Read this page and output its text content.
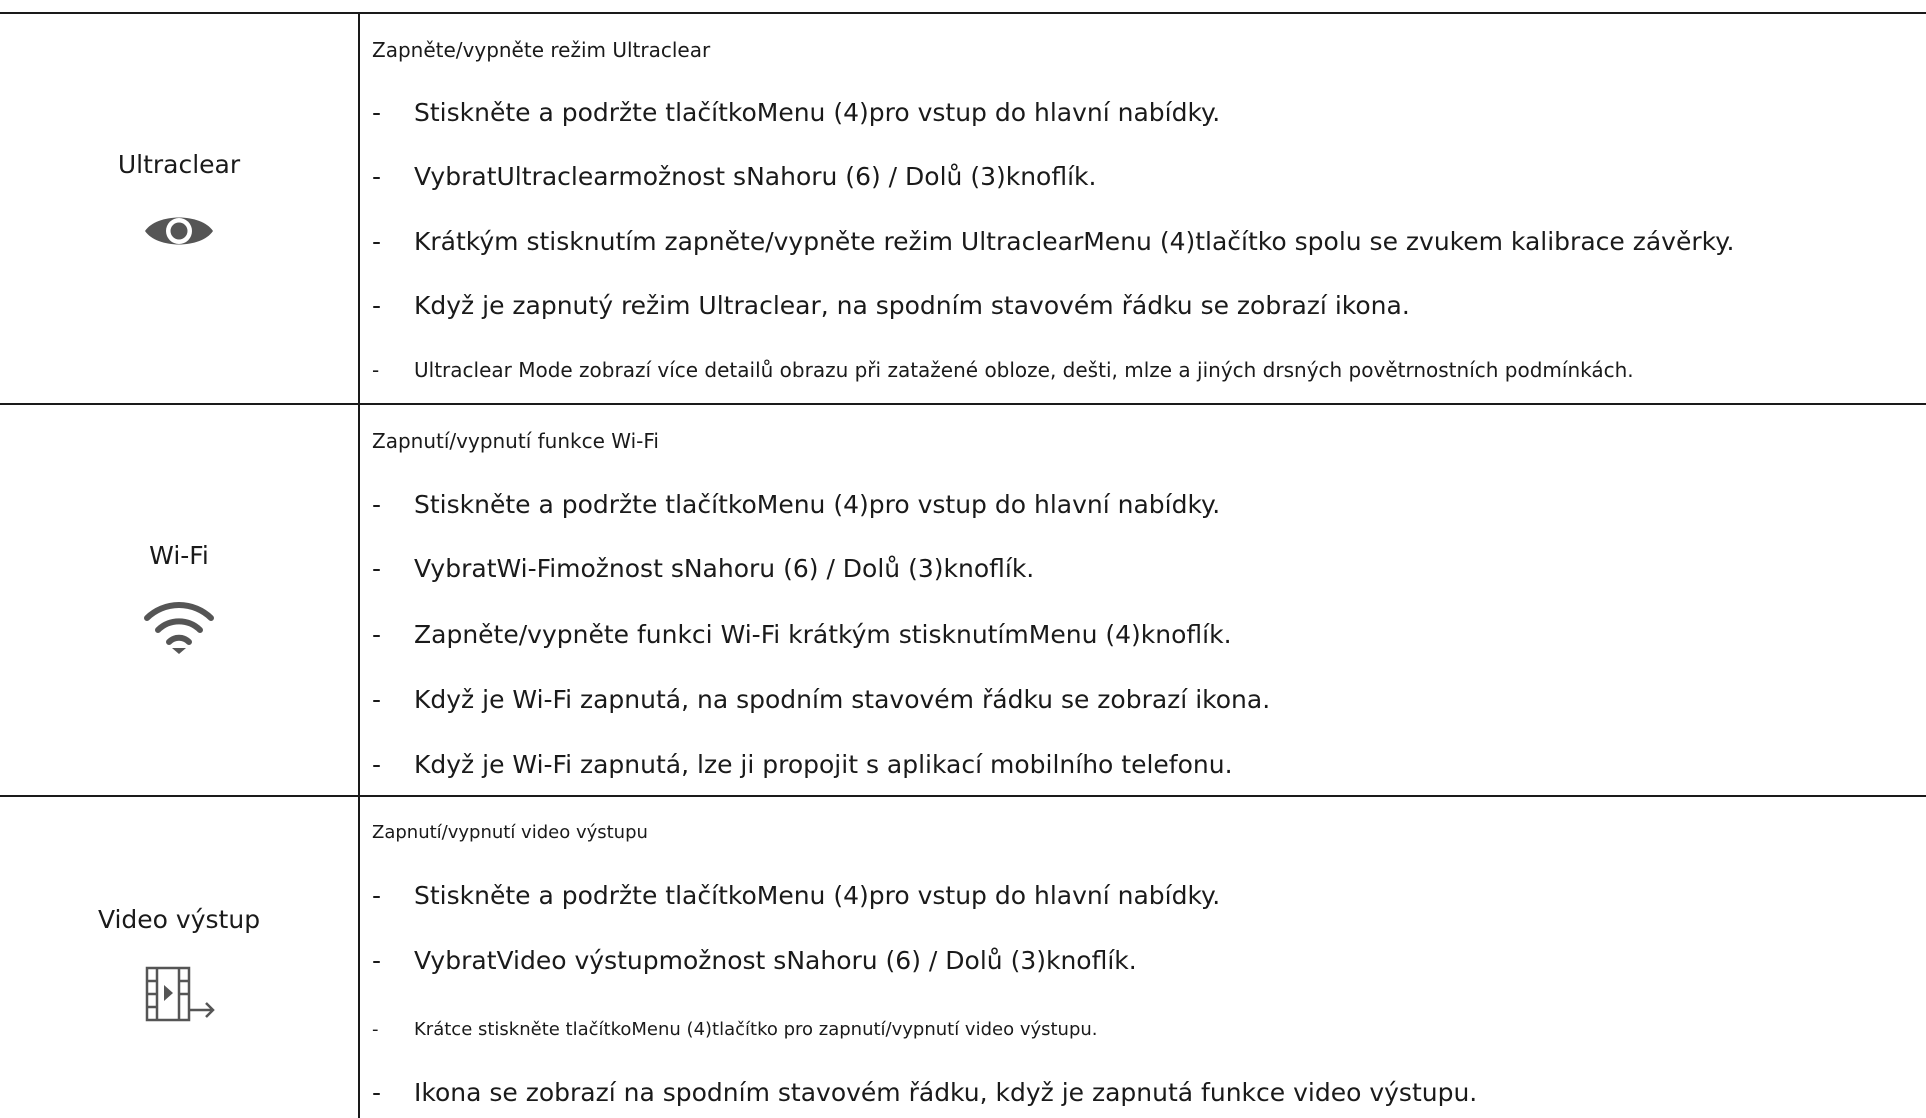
Ultraclear
Zapněte/vypněte režim Ultraclear
- Stiskněte a podržte tlačítkoMenu (4)pro vstup do hlavní nabídky.
- VybratUltraclearmožnost sNahoru (6) / Dolů (3)knoflík.
- Krátkým stisknutím zapněte/vypněte režim UltraclearMenu (4)tlačítko spolu se zvukem kalibrace závěrky.
- Když je zapnutý režim Ultraclear, na spodním stavovém řádku se zobrazí ikona.
- Ultraclear Mode zobrazí více detailů obrazu při zatažené obloze, dešti, mlze a jiných drsných povětrnostních podmínkách.
Wi-Fi
Zapnutí/vypnutí funkce Wi-Fi
- Stiskněte a podržte tlačítkoMenu (4)pro vstup do hlavní nabídky.
- VybratWi-Fimožnost sNahoru (6) / Dolů (3)knoflík.
- Zapněte/vypněte funkci Wi-Fi krátkým stisknutímMenu (4)knoflík.
- Když je Wi-Fi zapnutá, na spodním stavovém řádku se zobrazí ikona.
- Když je Wi-Fi zapnutá, lze ji propojit s aplikací mobilního telefonu.
Video výstup
Zapnutí/vypnutí video výstupu
- Stiskněte a podržte tlačítkoMenu (4)pro vstup do hlavní nabídky.
- VybratVideo výstupmožnost sNahoru (6) / Dolů (3)knoflík.
- Krátce stiskněte tlačítkoMenu (4)tlačítko pro zapnutí/vypnutí video výstupu.
- Ikona se zobrazí na spodním stavovém řádku, když je zapnutá funkce video výstupu.
